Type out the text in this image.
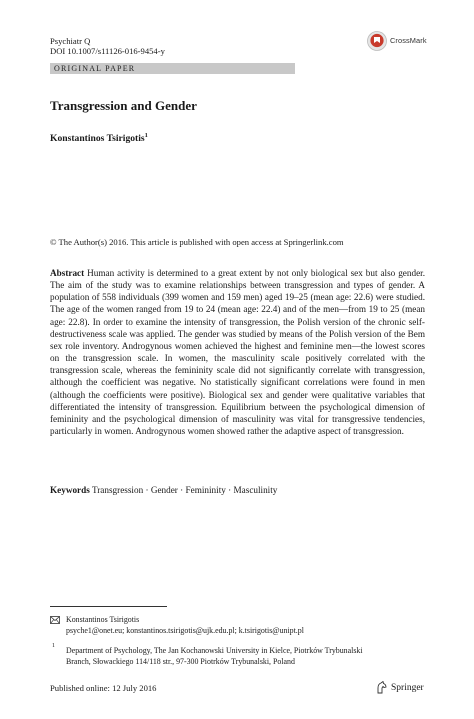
Psychiatr Q
DOI 10.1007/s11126-016-9454-y
CrossMark
ORIGINAL PAPER
Transgression and Gender
Konstantinos Tsirigotis$^1$
© The Author(s) 2016. This article is published with open access at Springerlink.com
Abstract Human activity is determined to a great extent by not only biological sex but also gender. The aim of the study was to examine relationships between transgression and types of gender. A population of 558 individuals (399 women and 159 men) aged 19–25 (mean age: 22.6) were studied. The age of the women ranged from 19 to 24 (mean age: 22.4) and of the men—from 19 to 25 (mean age: 22.8). In order to examine the intensity of transgression, the Polish version of the chronic self-destructiveness scale was applied. The gender was studied by means of the Polish version of the Bem sex role inventory. Androgynous women achieved the highest and feminine men—the lowest scores on the transgression scale. In women, the masculinity scale positively correlated with the transgression scale, whereas the femininity scale did not significantly correlate with transgression, although the coefficient was negative. No statistically significant correlations were found in men (although the coefficients were positive). Biological sex and gender were qualitative variables that differentiated the intensity of transgression. Equilibrium between the psychological dimension of femininity and the psychological dimension of masculinity was vital for transgressive tendencies, particularly in women. Androgynous women showed rather the adaptive aspect of transgression.
Keywords Transgression · Gender · Femininity · Masculinity
Konstantinos Tsirigotis
psyche1@onet.eu; konstantinos.tsirigotis@ujk.edu.pl; k.tsirigotis@unipt.pl
1 Department of Psychology, The Jan Kochanowski University in Kielce, Piotrków Trybunalski
Branch, Słowackiego 114/118 str., 97-300 Piotrków Trybunalski, Poland
Published online: 12 July 2016	Springer
